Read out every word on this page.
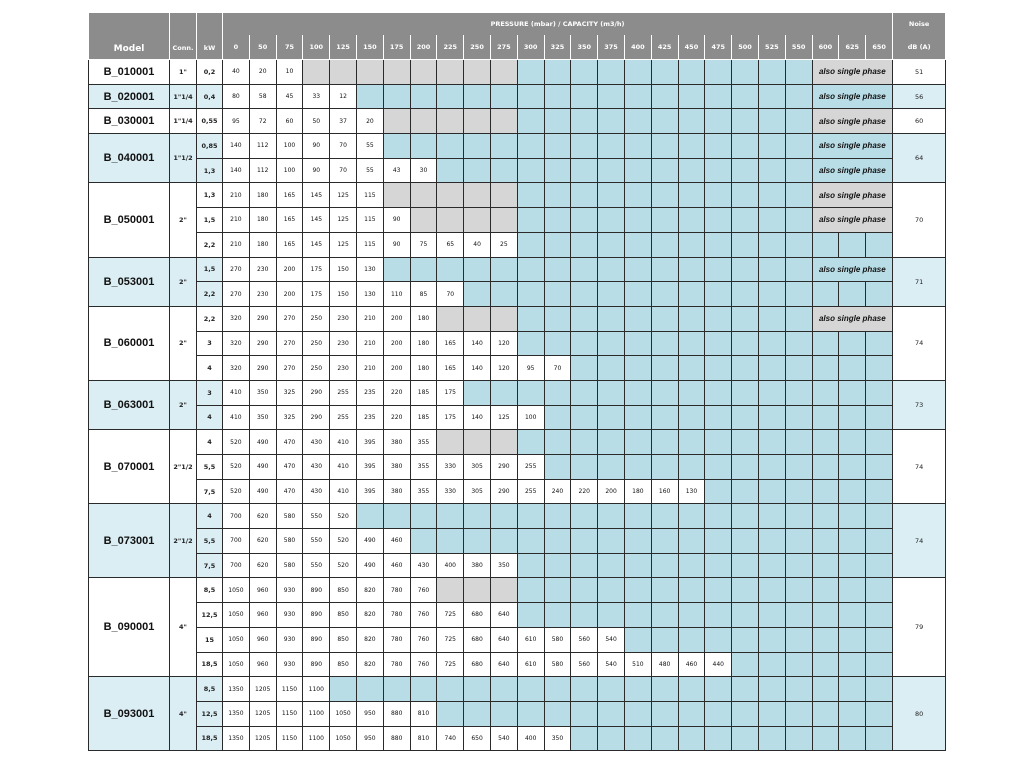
Model	Conn.	kW	PRESSURE (mbar) / CAPACITY (m3/h)																									Noise
dB (A)

			0	50	75	100	125	150	175	200	225	250	275	300	325	350	375	400	425	450	475	500	525	550	600	625	650	
B_010001	1"	0,2	40	20	10																				also single phase			51
B_020001	1"1/4	0,4	80	58	45	33	12																		also single phase			56
B_030001	1"1/4	0,55	95	72	60	50	37	20																	also single phase			60
B_040001	1"1/2	0,85	140	112	100	90	70	55																	also single phase			64
		1,3	140	112	100	90	70	55	43	30															also single phase			
B_050001	2"	1,3	210	180	165	145	125	115																	also single phase			70
		1,5	210	180	165	145	125	115	90																also single phase			
		2,2	210	180	165	145	125	115	90	75	65	40	25															
B_053001	2"	1,5	270	230	200	175	150	130																	also single phase			71
		2,2	270	230	200	175	150	130	110	85	70																	
B_060001	2"	2,2	320	290	270	250	230	210	200	180															also single phase			74
		3	320	290	270	250	230	210	200	180	165	140	120															
		4	320	290	270	250	230	210	200	180	165	140	120	95	70													
B_063001	2"	3	410	350	325	290	255	235	220	185	175																	73
		4	410	350	325	290	255	235	220	185	175	140	125	100														
B_070001	2"1/2	4	520	490	470	430	410	395	380	355																		74
		5,5	520	490	470	430	410	395	380	355	330	305	290	255														
		7,5	520	490	470	430	410	395	380	355	330	305	290	255	240	220	200	180	160	130								
B_073001	2"1/2	4	700	620	580	550	520																					74
		5,5	700	620	580	550	520	490	460																			
		7,5	700	620	580	550	520	490	460	430	400	380	350															
B_090001	4"	8,5	1050	960	930	890	850	820	780	760																		79
		12,5	1050	960	930	890	850	820	780	760	725	680	640															
		15	1050	960	930	890	850	820	780	760	725	680	640	610	580	560	540											
		18,5	1050	960	930	890	850	820	780	760	725	680	640	610	580	560	540	510	480	460	440							
B_093001	4"	8,5	1350	1205	1150	1100																						80
		12,5	1350	1205	1150	1100	1050	950	880	810																		
		18,5	1350	1205	1150	1100	1050	950	880	810	740	650	540	400	350													
